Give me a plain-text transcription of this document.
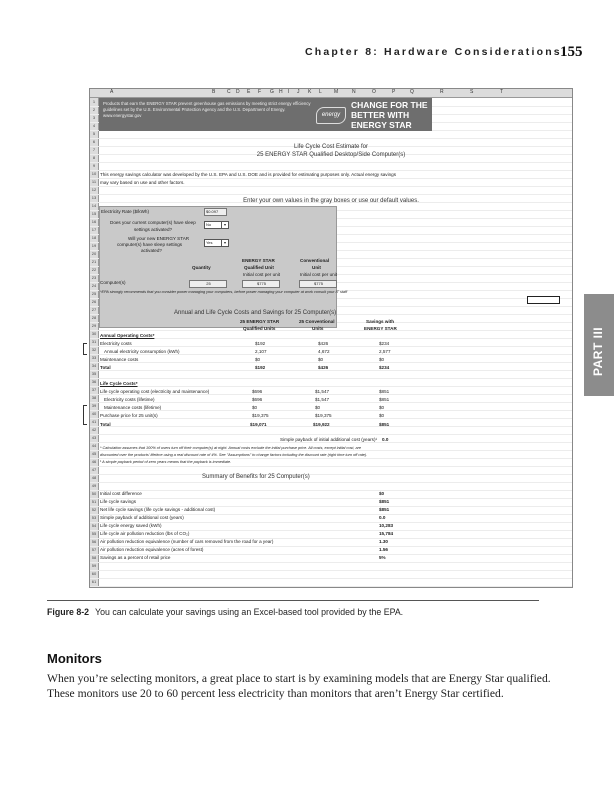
Chapter 8: Hardware Considerations
155
PART III
A	B C D E F G H I J K L M	N	O	P	Q	R	S	T
1
2
3
4
5
6
7
8
9
10
11
12
13
14
15
16
17
18
19
20
21
22
23
24
25
26
27
28
29
30
31
32
33
34
35
36
37
38
39
40
41
42
43
44
45
46
47
48
49
50
51
52
53
54
55
56
57
58
59
60
61
Products that earn the ENERGY STAR prevent greenhouse gas emissions by meeting strict energy efficiency guidelines set by the U.S. Environmental Protection Agency and the U.S. Department of Energy. www.energystar.gov	energy
CHANGE FOR THE
BETTER WITH
ENERGY STAR
Life Cycle Cost Estimate for
25 ENERGY STAR Qualified Desktop/Side Computer(s)
This energy savings calculator was developed by the U.S. EPA and U.S. DOE and is provided for estimating purposes only. Actual energy savings
may vary based on use and other factors.
Enter your own values in the gray boxes or use our default values.
Electricity Rate ($/kWh)	$0.097
Does your current computer(s) have sleep
settings activated?
No	▾
Will your new ENERGY STAR
computer(s) have sleep settings
activated?
Yes	▾
ENERGY STAR	Conventional
Quantity	Qualified Unit	Unit
Initial cost per unit	Initial cost per unit
Computer(s)	25	$775	$775
*EPA strongly recommends that you consider power managing your computers, before power managing your computer at work consult your IT staff
Annual and Life Cycle Costs and Savings for 25 Computer(s)
25 ENERGY STAR	25 Conventional	Savings with
Qualified Units	Units	ENERGY STAR
Annual Operating Costs*
Electricity costs	$192	$426	$234
Annual electricity consumption (kWh)	2,107	4,672	2,577
Maintenance costs	$0	$0	$0
Total	$192	$426	$234
Life Cycle Costs*
Life cycle operating cost (electricity and maintenance)	$696	$1,547	$851
Electricity costs (lifetime)	$696	$1,547	$851
Maintenance costs (lifetime)	$0	$0	$0
Purchase price for 25 unit(s)	$19,375	$19,375	$0
Total	$19,071	$19,922	$851
Simple payback of initial additional cost (years)¹ 0.0
* Calculation assumes that 100% of users turn off their computer(s) at night. Annual costs exclude the initial purchase price. All costs, except initial cost, are
discounted over the products' lifetime using a real discount rate of 4%. See "Assumptions" to change factors including the discount rate (right time turn off rate).
¹ A simple payback period of zero years means that the payback is immediate.
Summary of Benefits for 25 Computer(s)
Initial cost difference	$0
Life cycle savings	$851
Net life cycle savings (life cycle savings - additional cost)	$851
Simple payback of additional cost (years)	0.0
Life cycle energy saved (kWh)	10,283
Life cycle air pollution reduction (lbs of CO₂)	15,784
Air pollution reduction equivalence (number of cars removed from the road for a year)	1.30
Air pollution reduction equivalence (acres of forest)	1.56
Savings as a percent of retail price	5%
Figure 8-2 You can calculate your savings using an Excel-based tool provided by the EPA.
Monitors
When you’re selecting monitors, a great place to start is by examining models that are Energy Star qualified. These monitors use 20 to 60 percent less electricity than monitors that aren’t Energy Star certified.
